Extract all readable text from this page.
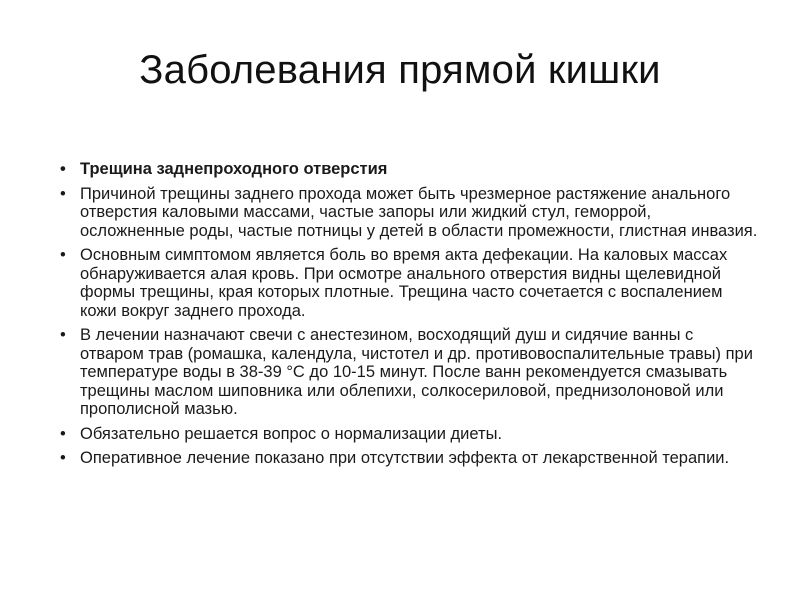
Заболевания прямой кишки
• Трещина заднепроходного отверстия
• Причиной трещины заднего прохода может быть чрезмерное растяжение анального отверстия каловыми массами, частые запоры или жидкий стул, геморрой, осложненные роды, частые потницы у детей в области промежности, глистная инвазия.
• Основным симптомом является боль во время акта дефекации. На каловых массах обнаруживается алая кровь. При осмотре анального отверстия видны щелевидной формы трещины, края которых плотные. Трещина часто сочетается с воспалением кожи вокруг заднего прохода.
• В лечении назначают свечи с анестезином, восходящий душ и сидячие ванны с отваром трав (ромашка, календула, чистотел и др. противовоспалительные травы) при температуре воды в 38-39 °С до 10-15 минут. После ванн рекомендуется смазывать трещины маслом шиповника или облепихи, солкосериловой, преднизолоновой или прополисной мазью.
• Обязательно решается вопрос о нормализации диеты.
• Оперативное лечение показано при отсутствии эффекта от лекарственной терапии.
